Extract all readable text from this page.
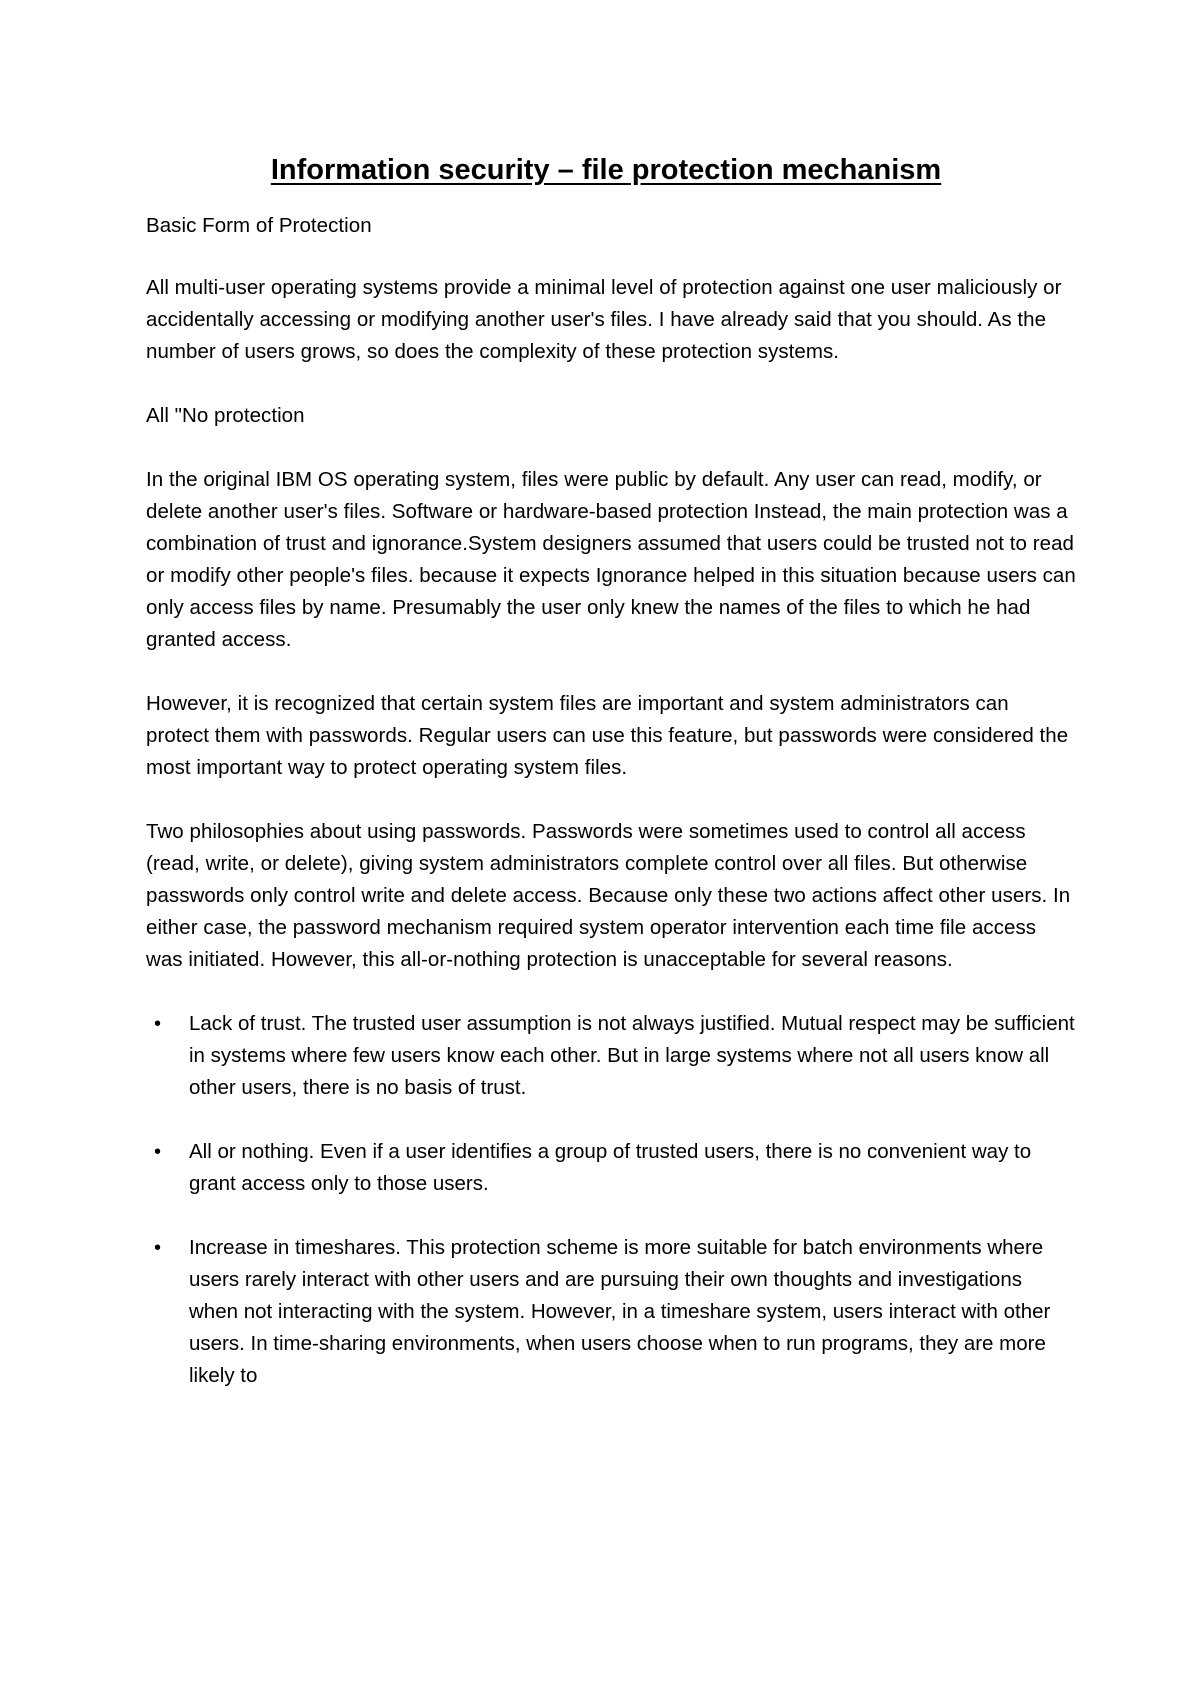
Information security – file protection mechanism

Basic Form of Protection

All multi-user operating systems provide a minimal level of protection against one user maliciously or accidentally accessing or modifying another user's files. I have already said that you should. As the number of users grows, so does the complexity of these protection systems.

All "No protection

In the original IBM OS operating system, files were public by default. Any user can read, modify, or delete another user's files. Software or hardware-based protection Instead, the main protection was a combination of trust and ignorance.System designers assumed that users could be trusted not to read or modify other people's files. because it expects Ignorance helped in this situation because users can only access files by name. Presumably the user only knew the names of the files to which he had granted access.

However, it is recognized that certain system files are important and system administrators can protect them with passwords. Regular users can use this feature, but passwords were considered the most important way to protect operating system files.

Two philosophies about using passwords. Passwords were sometimes used to control all access (read, write, or delete), giving system administrators complete control over all files. But otherwise passwords only control write and delete access. Because only these two actions affect other users. In either case, the password mechanism required system operator intervention each time file access was initiated. However, this all-or-nothing protection is unacceptable for several reasons.

• Lack of trust. The trusted user assumption is not always justified. Mutual respect may be sufficient in systems where few users know each other. But in large systems where not all users know all other users, there is no basis of trust.
• All or nothing. Even if a user identifies a group of trusted users, there is no convenient way to grant access only to those users.
• Increase in timeshares. This protection scheme is more suitable for batch environments where users rarely interact with other users and are pursuing their own thoughts and investigations when not interacting with the system. However, in a timeshare system, users interact with other users. In time-sharing environments, when users choose when to run programs, they are more likely to
